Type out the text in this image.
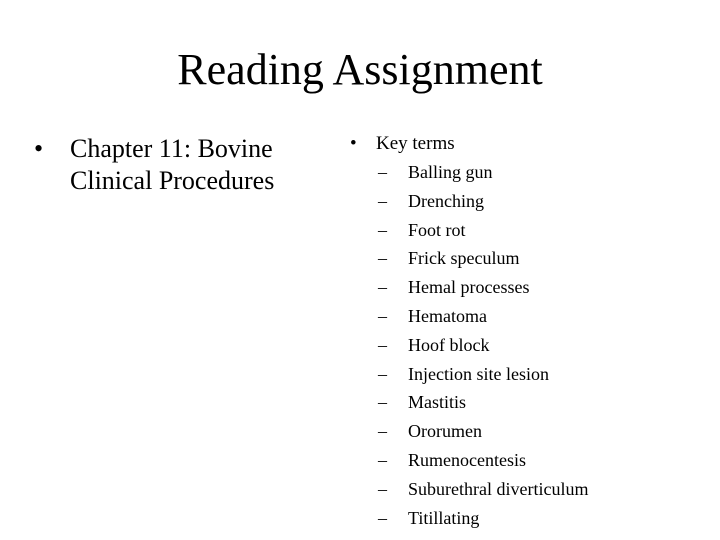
Reading Assignment
•	Chapter 11: Bovine Clinical Procedures
•	Key terms
– Balling gun
– Drenching
– Foot rot
– Frick speculum
– Hemal processes
– Hematoma
– Hoof block
– Injection site lesion
– Mastitis
– Ororumen
– Rumenocentesis
– Suburethral diverticulum
– Titillating
